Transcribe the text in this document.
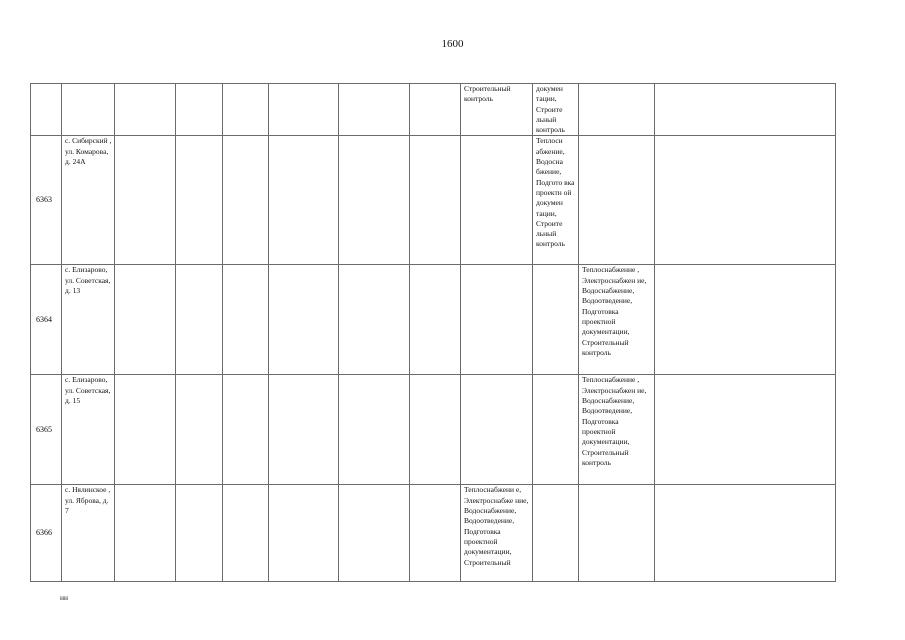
1600
								Строительный контроль	докумен тации, Строите льный контроль		
6363	с. Сибирский , ул. Комарова, д. 24А								Теплосн абжение, Водосна бжение, Подгото вка проектн ой докумен тации, Строите льный контроль		
6364	с. Елизарово, ул. Советская, д. 13									Теплоснабжение , Электроснабжен ие, Водоснабжение, Водоотведение, Подготовка проектной документации, Строительный контроль	
6365	с. Елизарово, ул. Советская, д. 15									Теплоснабжение , Электроснабжен ие, Водоснабжение, Водоотведение, Подготовка проектной документации, Строительный контроль	
6366	с. Нялинское , ул. Яброва, д. 7							Теплоснабжени е, Электроснабже ние, Водоснабжение, Водоотведение, Подготовка проектной документации, Строительный			
нн
